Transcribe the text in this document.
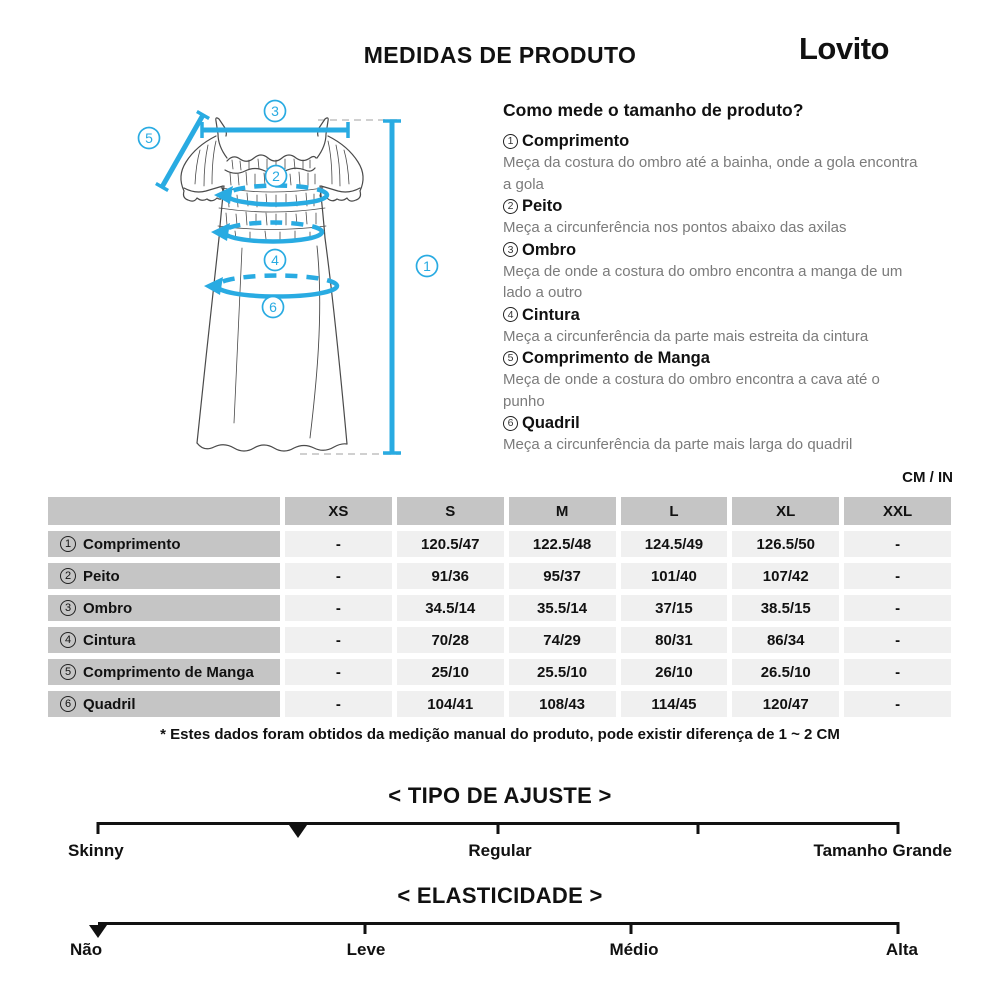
MEDIDAS DE PRODUTO	Lovito
3
5
1
2
4
6
Como mede o tamanho de produto?
1 Comprimento

Meça da costura do ombro até a bainha, onde a gola encontra a gola

2 Peito

Meça a circunferência nos pontos abaixo das axilas

3 Ombro

Meça de onde a costura do ombro encontra a manga de um lado a outro

4 Cintura

Meça a circunferência da parte mais estreita da cintura

5 Comprimento de Manga

Meça de onde a costura do ombro encontra a cava até o punho

6 Quadril

Meça a circunferência da parte mais larga do quadril

CM / IN
XS	S	M	L	XL	XXL
1 Comprimento	-	120.5/47	122.5/48	124.5/49	126.5/50	-
2 Peito	-	91/36	95/37	101/40	107/42	-
3 Ombro	-	34.5/14	35.5/14	37/15	38.5/15	-
4 Cintura	-	70/28	74/29	80/31	86/34	-
5 Comprimento de Manga	-	25/10	25.5/10	26/10	26.5/10	-
6 Quadril	-	104/41	108/43	114/45	120/47	-
* Estes dados foram obtidos da medição manual do produto, pode existir diferença de 1 ~ 2 CM
< TIPO DE AJUSTE >
Skinny	Regular	Tamanho Grande
< ELASTICIDADE >
Não	Leve	Médio	Alta
